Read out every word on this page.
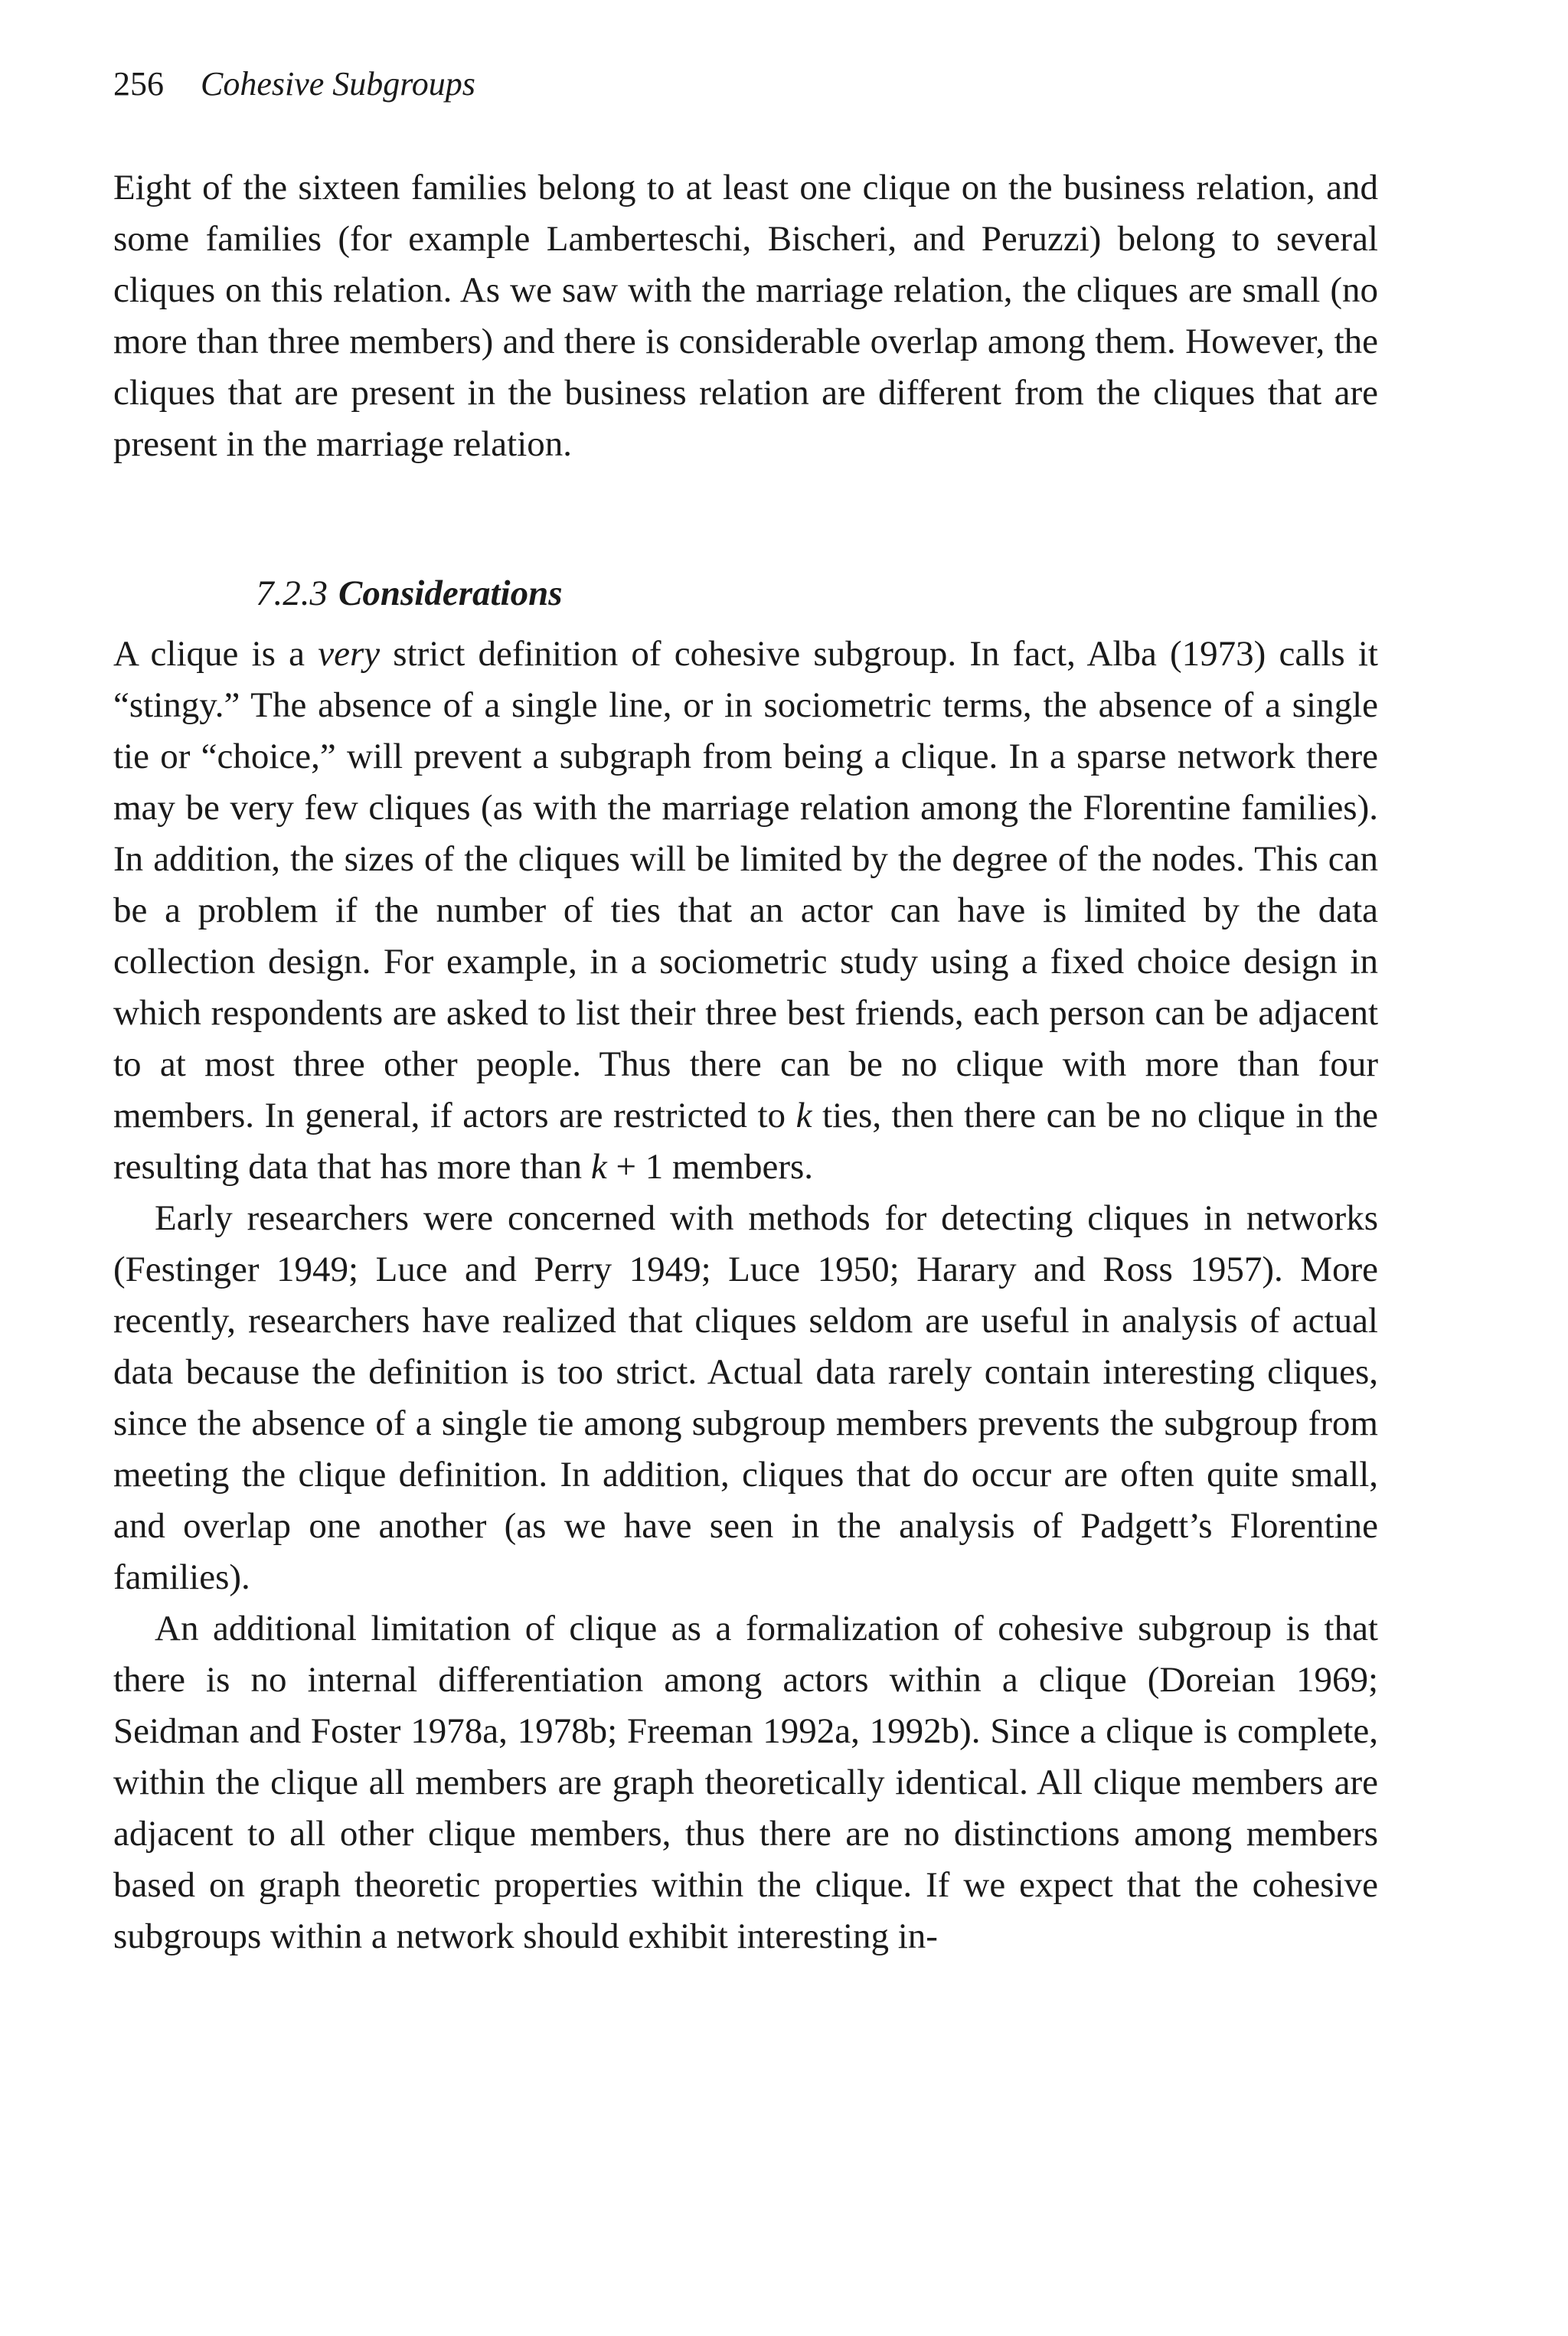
256 Cohesive Subgroups

Eight of the sixteen families belong to at least one clique on the business relation, and some families (for example Lamberteschi, Bischeri, and Peruzzi) belong to several cliques on this relation. As we saw with the marriage relation, the cliques are small (no more than three members) and there is considerable overlap among them. However, the cliques that are present in the business relation are different from the cliques that are present in the marriage relation.

7.2.3 Considerations

A clique is a very strict definition of cohesive subgroup. In fact, Alba (1973) calls it “stingy.” The absence of a single line, or in sociometric terms, the absence of a single tie or “choice,” will prevent a subgraph from being a clique. In a sparse network there may be very few cliques (as with the marriage relation among the Florentine families). In addition, the sizes of the cliques will be limited by the degree of the nodes. This can be a problem if the number of ties that an actor can have is limited by the data collection design. For example, in a sociometric study using a fixed choice design in which respondents are asked to list their three best friends, each person can be adjacent to at most three other people. Thus there can be no clique with more than four members. In general, if actors are restricted to k ties, then there can be no clique in the resulting data that has more than k + 1 members.

Early researchers were concerned with methods for detecting cliques in networks (Festinger 1949; Luce and Perry 1949; Luce 1950; Harary and Ross 1957). More recently, researchers have realized that cliques seldom are useful in analysis of actual data because the definition is too strict. Actual data rarely contain interesting cliques, since the absence of a single tie among subgroup members prevents the subgroup from meeting the clique definition. In addition, cliques that do occur are often quite small, and overlap one another (as we have seen in the analysis of Padgett’s Florentine families).

An additional limitation of clique as a formalization of cohesive subgroup is that there is no internal differentiation among actors within a clique (Doreian 1969; Seidman and Foster 1978a, 1978b; Freeman 1992a, 1992b). Since a clique is complete, within the clique all members are graph theoretically identical. All clique members are adjacent to all other clique members, thus there are no distinctions among members based on graph theoretic properties within the clique. If we expect that the cohesive subgroups within a network should exhibit interesting in-
